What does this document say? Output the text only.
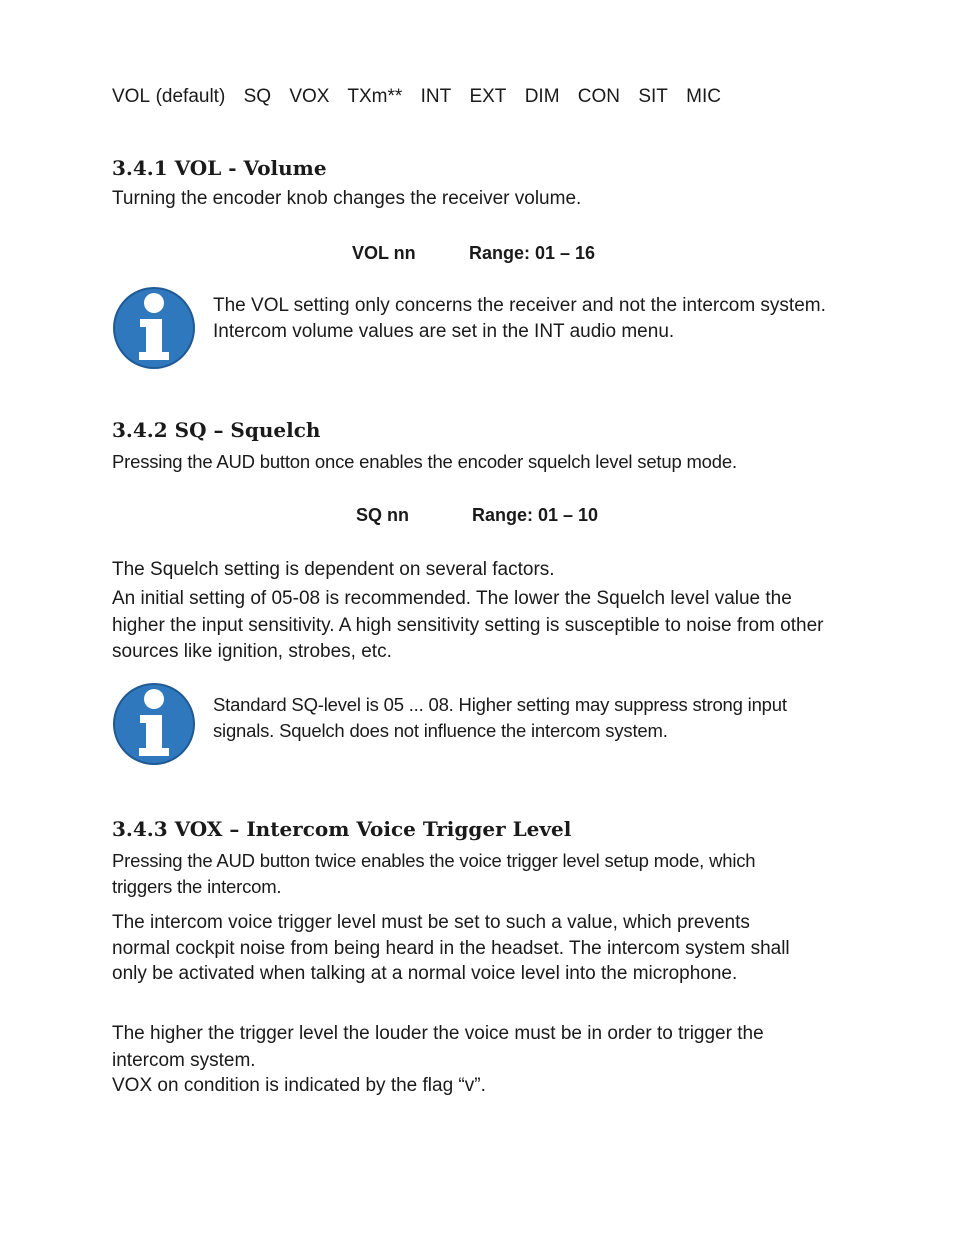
VOL (default) SQ VOX TXm** INT EXT DIM CON SIT MIC
3.4.1 VOL - Volume

Turning the encoder knob changes the receiver volume.

VOL nn	Range: 01 – 16

The VOL setting only concerns the receiver and not the intercom system. Intercom volume values are set in the INT audio menu.

3.4.2 SQ – Squelch

Pressing the AUD button once enables the encoder squelch level setup mode.

SQ nn	Range: 01 – 10

The Squelch setting is dependent on several factors.

An initial setting of 05-08 is recommended. The lower the Squelch level value the higher the input sensitivity. A high sensitivity setting is susceptible to noise from other sources like ignition, strobes, etc.

Standard SQ-level is 05 ... 08. Higher setting may suppress strong input signals. Squelch does not influence the intercom system.

3.4.3 VOX – Intercom Voice Trigger Level

Pressing the AUD button twice enables the voice trigger level setup mode, which triggers the intercom.

The intercom voice trigger level must be set to such a value, which prevents normal cockpit noise from being heard in the headset. The intercom system shall only be activated when talking at a normal voice level into the microphone.

The higher the trigger level the louder the voice must be in order to trigger the intercom system.

VOX on condition is indicated by the flag “v”.
